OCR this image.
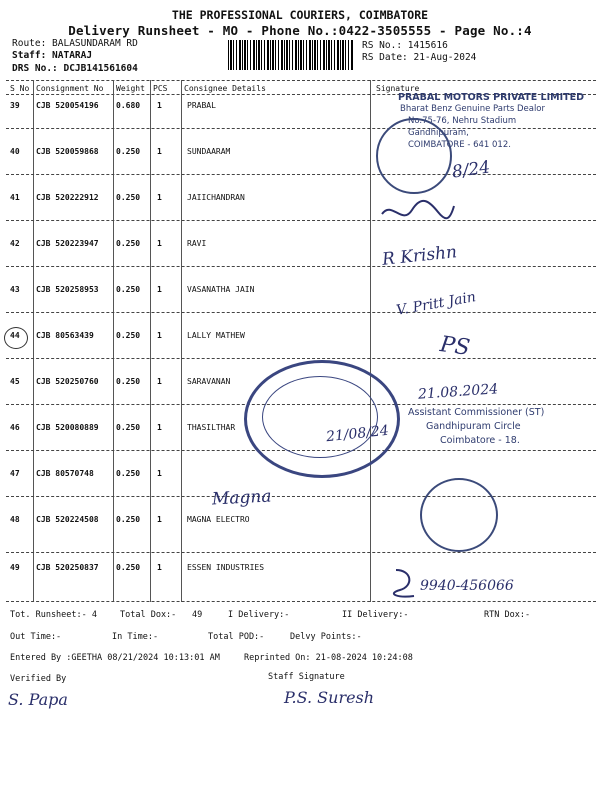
THE PROFESSIONAL COURIERS, COIMBATORE
Delivery Runsheet - MO - Phone No.:0422-3505555 - Page No.:4
Route: BALASUNDARAM RD
Staff: NATARAJ
DRS No.: DCJB141561604
RS No.: 1415616
RS Date: 21-Aug-2024
S No Consignment No Weight PCS Consignee Details	Signature
39 CJB 520054196 0.680 1	PRABAL
40 CJB 520059868 0.250 1	SUNDAARAM
41 CJB 520222912 0.250 1	JAIICHANDRAN
42 CJB 520223947 0.250 1	RAVI
43 CJB 520258953 0.250 1	VASANATHA JAIN
44 CJB 80563439	0.250 1	LALLY MATHEW
45 CJB 520250760 0.250 1	SARAVANAN
46 CJB 520080889 0.250 1	THASILTHAR
47 CJB 80570748	0.250 1
48 CJB 520224508 0.250 1	MAGNA ELECTRO
49 CJB 520250837 0.250 1	ESSEN INDUSTRIES
PRABAL MOTORS PRIVATE LIMITED
Bharat Benz Genuine Parts Dealor
No.75-76, Nehru Stadium
Gandhipuram,
COIMBATORE - 641 012.
8/24
R Krishn
V. Pritt Jain
PS
21.08.2024
21/08/24
Assistant Commissioner (ST)
Gandhipuram Circle
Coimbatore - 18.
Magna
9940-456066
Tot. Runsheet:- 4	Total Dox:- 49	I Delivery:-	II Delivery:-	RTN Dox:-
Out Time:-	In Time:-	Total POD:-	Delvy Points:-
Entered By :GEETHA 08/21/2024 10:13:01 AM	Reprinted On: 21-08-2024 10:24:08
Verified By	Staff Signature
S. Papa	P.S. Suresh
